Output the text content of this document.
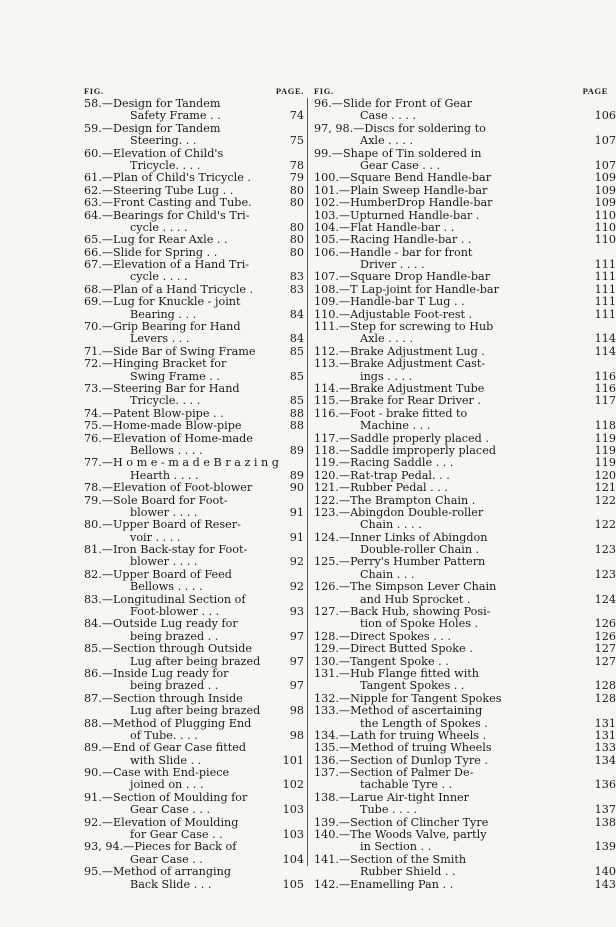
FIG.	PAGE.
58.—Design for Tandem
Safety Frame . .	74
59.—Design for Tandem
Steering. . .	75
60.—Elevation of Child's
Tricycle. . . .	78
61.—Plan of Child's Tricycle .	79
62.—Steering Tube Lug . .	80
63.—Front Casting and Tube.	80
64.—Bearings for Child's Tri-
cycle . . . .	80
65.—Lug for Rear Axle . .	80
66.—Slide for Spring . .	80
67.—Elevation of a Hand Tri-
cycle . . . .	83
68.—Plan of a Hand Tricycle .	83
69.—Lug for Knuckle - joint
Bearing . . .	84
70.—Grip Bearing for Hand
Levers . . .	84
71.—Side Bar of Swing Frame	85
72.—Hinging Bracket for
Swing Frame . .	85
73.—Steering Bar for Hand
Tricycle. . . .	85
74.—Patent Blow-pipe . .	88
75.—Home-made Blow-pipe	88
76.—Elevation of Home-made
Bellows . . . .	89
77.—H o m e - m a d e B r a z i n g
Hearth . . . .	89
78.—Elevation of Foot-blower	90
79.—Sole Board for Foot-
blower . . . .	91
80.—Upper Board of Reser-
voir . . . .	91
81.—Iron Back-stay for Foot-
blower . . . .	92
82.—Upper Board of Feed
Bellows . . . .	92
83.—Longitudinal Section of
Foot-blower . . .	93
84.—Outside Lug ready for
being brazed . .	97
85.—Section through Outside
Lug after being brazed	97
86.—Inside Lug ready for
being brazed . .	97
87.—Section through Inside
Lug after being brazed	98
88.—Method of Plugging End
of Tube. . . .	98
89.—End of Gear Case fitted
with Slide . .	101
90.—Case with End-piece
joined on . . .	102
91.—Section of Moulding for
Gear Case . . .	103
92.—Elevation of Moulding
for Gear Case . .	103
93, 94.—Pieces for Back of
Gear Case . .	104
95.—Method of arranging
Back Slide . . .	105
FIG.	PAGE
96.—Slide for Front of Gear
Case . . . .	106
97, 98.—Discs for soldering to
Axle . . . .	107
99.—Shape of Tin soldered in
Gear Case . . .	107
100.—Square Bend Handle-bar	109
101.—Plain Sweep Handle-bar	109
102.—HumberDrop Handle-bar	109
103.—Upturned Handle-bar .	110
104.—Flat Handle-bar . .	110
105.—Racing Handle-bar . .	110
106.—Handle - bar for front
Driver . . . .	111
107.—Square Drop Handle-bar	111
108.—T Lap-joint for Handle-bar	111
109.—Handle-bar T Lug . .	111
110.—Adjustable Foot-rest .	111
111.—Step for screwing to Hub
Axle . . . .	114
112.—Brake Adjustment Lug .	114
113.—Brake Adjustment Cast-
ings . . . .	116
114.—Brake Adjustment Tube	116
115.—Brake for Rear Driver .	117
116.—Foot - brake fitted to
Machine . . .	118
117.—Saddle properly placed .	119
118.—Saddle improperly placed	119
119.—Racing Saddle . . .	119
120.—Rat-trap Pedal. . .	120
121.—Rubber Pedal . . .	121
122.—The Brampton Chain .	122
123.—Abingdon Double-roller
Chain . . . .	122
124.—Inner Links of Abingdon
Double-roller Chain .	123
125.—Perry's Humber Pattern
Chain . . .	123
126.—The Simpson Lever Chain
and Hub Sprocket .	124
127.—Back Hub, showing Posi-
tion of Spoke Holes .	126
128.—Direct Spokes . . .	126
129.—Direct Butted Spoke .	127
130.—Tangent Spoke . .	127
131.—Hub Flange fitted with
Tangent Spokes . .	128
132.—Nipple for Tangent Spokes	128
133.—Method of ascertaining
the Length of Spokes .	131
134.—Lath for truing Wheels .	131
135.—Method of truing Wheels	133
136.—Section of Dunlop Tyre .	134
137.—Section of Palmer De-
tachable Tyre . .	136
138.—Larue Air-tight Inner
Tube . . . .	137
139.—Section of Clincher Tyre	138
140.—The Woods Valve, partly
in Section . .	139
141.—Section of the Smith
Rubber Shield . .	140
142.—Enamelling Pan . .	143
